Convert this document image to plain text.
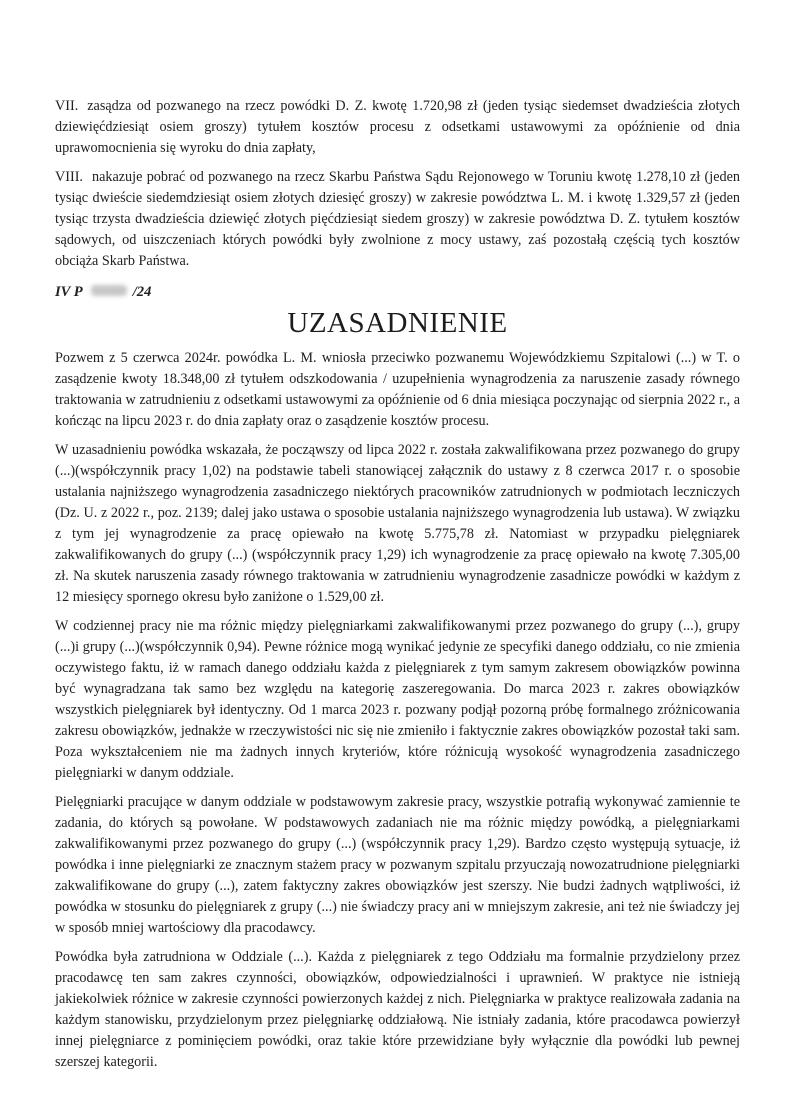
VII. zasądza od pozwanego na rzecz powódki D. Z. kwotę 1.720,98 zł (jeden tysiąc siedemset dwadzieścia złotych dziewięćdziesiąt osiem groszy) tytułem kosztów procesu z odsetkami ustawowymi za opóźnienie od dnia uprawomocnienia się wyroku do dnia zapłaty,

VIII. nakazuje pobrać od pozwanego na rzecz Skarbu Państwa Sądu Rejonowego w Toruniu kwotę 1.278,10 zł (jeden tysiąc dwieście siedemdziesiąt osiem złotych dziesięć groszy) w zakresie powództwa L. M. i kwotę 1.329,57 zł (jeden tysiąc trzysta dwadzieścia dziewięć złotych pięćdziesiąt siedem groszy) w zakresie powództwa D. Z. tytułem kosztów sądowych, od uiszczeniach których powódki były zwolnione z mocy ustawy, zaś pozostałą częścią tych kosztów obciąża Skarb Państwa.

IV P	/24

UZASADNIENIE

Pozwem z 5 czerwca 2024r. powódka L. M. wniosła przeciwko pozwanemu Wojewódzkiemu Szpitalowi (...) w T. o zasądzenie kwoty 18.348,00 zł tytułem odszkodowania / uzupełnienia wynagrodzenia za naruszenie zasady równego traktowania w zatrudnieniu z odsetkami ustawowymi za opóźnienie od 6 dnia miesiąca poczynając od sierpnia 2022 r., a kończąc na lipcu 2023 r. do dnia zapłaty oraz o zasądzenie kosztów procesu.

W uzasadnieniu powódka wskazała, że począwszy od lipca 2022 r. została zakwalifikowana przez pozwanego do grupy (...)(współczynnik pracy 1,02) na podstawie tabeli stanowiącej załącznik do ustawy z 8 czerwca 2017 r. o sposobie ustalania najniższego wynagrodzenia zasadniczego niektórych pracowników zatrudnionych w podmiotach leczniczych (Dz. U. z 2022 r., poz. 2139; dalej jako ustawa o sposobie ustalania najniższego wynagrodzenia lub ustawa). W związku z tym jej wynagrodzenie za pracę opiewało na kwotę 5.775,78 zł. Natomiast w przypadku pielęgniarek zakwalifikowanych do grupy (...) (współczynnik pracy 1,29) ich wynagrodzenie za pracę opiewało na kwotę 7.305,00 zł. Na skutek naruszenia zasady równego traktowania w zatrudnieniu wynagrodzenie zasadnicze powódki w każdym z 12 miesięcy spornego okresu było zaniżone o 1.529,00 zł.

W codziennej pracy nie ma różnic między pielęgniarkami zakwalifikowanymi przez pozwanego do grupy (...), grupy (...)i grupy (...)(współczynnik 0,94). Pewne różnice mogą wynikać jedynie ze specyfiki danego oddziału, co nie zmienia oczywistego faktu, iż w ramach danego oddziału każda z pielęgniarek z tym samym zakresem obowiązków powinna być wynagradzana tak samo bez względu na kategorię zaszeregowania. Do marca 2023 r. zakres obowiązków wszystkich pielęgniarek był identyczny. Od 1 marca 2023 r. pozwany podjął pozorną próbę formalnego zróżnicowania zakresu obowiązków, jednakże w rzeczywistości nic się nie zmieniło i faktycznie zakres obowiązków pozostał taki sam. Poza wykształceniem nie ma żadnych innych kryteriów, które różnicują wysokość wynagrodzenia zasadniczego pielęgniarki w danym oddziale.

Pielęgniarki pracujące w danym oddziale w podstawowym zakresie pracy, wszystkie potrafią wykonywać zamiennie te zadania, do których są powołane. W podstawowych zadaniach nie ma różnic między powódką, a pielęgniarkami zakwalifikowanymi przez pozwanego do grupy (...) (współczynnik pracy 1,29). Bardzo często występują sytuacje, iż powódka i inne pielęgniarki ze znacznym stażem pracy w pozwanym szpitalu przyuczają nowozatrudnione pielęgniarki zakwalifikowane do grupy (...), zatem faktyczny zakres obowiązków jest szerszy. Nie budzi żadnych wątpliwości, iż powódka w stosunku do pielęgniarek z grupy (...) nie świadczy pracy ani w mniejszym zakresie, ani też nie świadczy jej w sposób mniej wartościowy dla pracodawcy.

Powódka była zatrudniona w Oddziale (...). Każda z pielęgniarek z tego Oddziału ma formalnie przydzielony przez pracodawcę ten sam zakres czynności, obowiązków, odpowiedzialności i uprawnień. W praktyce nie istnieją jakiekolwiek różnice w zakresie czynności powierzonych każdej z nich. Pielęgniarka w praktyce realizowała zadania na każdym stanowisku, przydzielonym przez pielęgniarkę oddziałową. Nie istniały zadania, które pracodawca powierzył innej pielęgniarce z pominięciem powódki, oraz takie które przewidziane były wyłącznie dla powódki lub pewnej szerszej kategorii.
